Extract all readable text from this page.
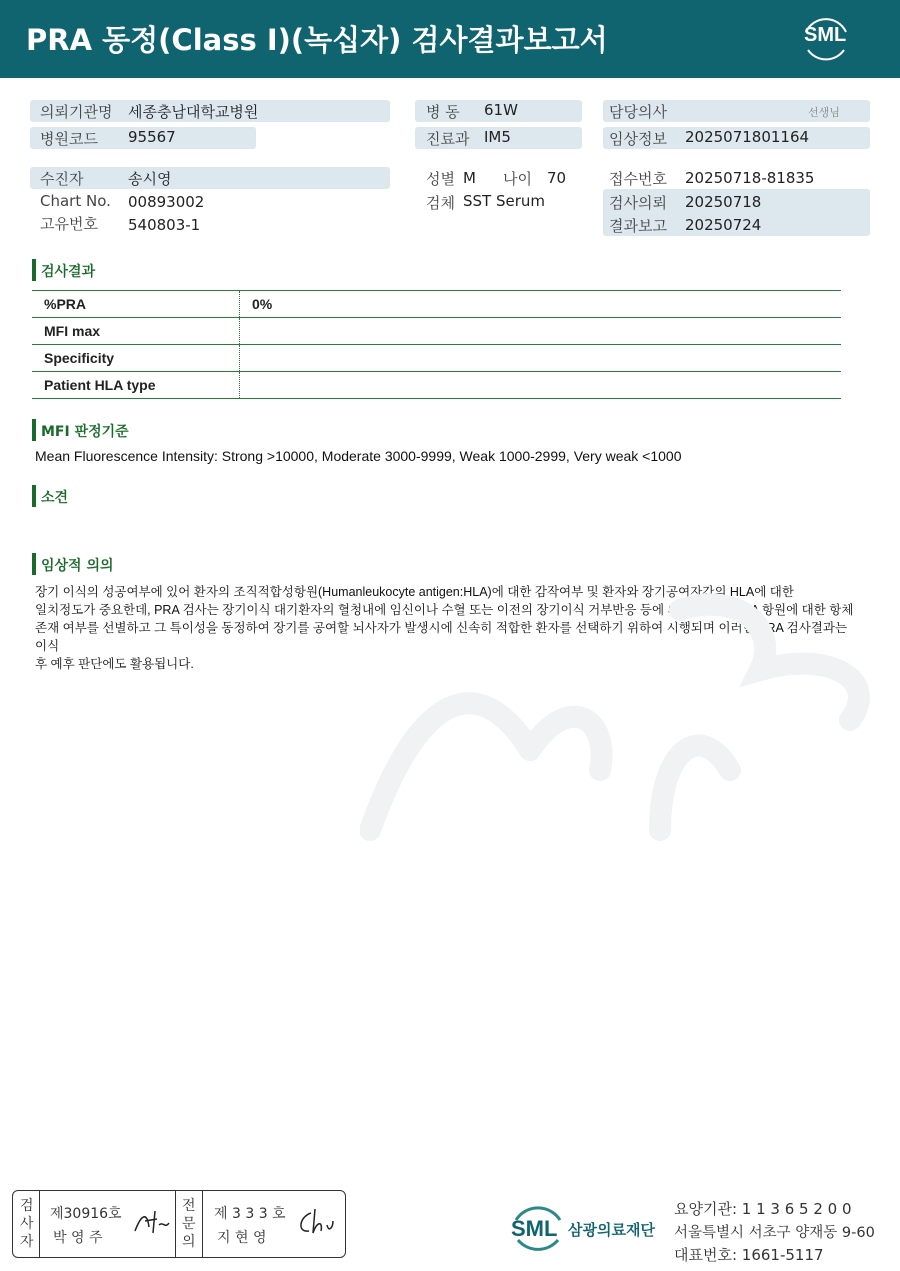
PRA 동정(Class I)(녹십자) 검사결과보고서	SML
의뢰기관명 세종충남대학교병원
병원코드 95567
병 동 61W
진료과 IM5
담당의사	선생님
임상정보 2025071801164
수진자	송시영
Chart No. 00893002
고유번호 540803-1
성별 M 나이 70
검체 SST Serum
접수번호 20250718-81835
검사의뢰 20250718
결과보고 20250724
검사결과
%PRA	0%
MFI max	
Specificity	
Patient HLA type	
MFI 판정기준
Mean Fluorescence Intensity: Strong >10000, Moderate 3000-9999, Weak 1000-2999, Very weak <1000
소견
임상적 의의
장기 이식의 성공여부에 있어 환자의 조직적합성항원(Humanleukocyte antigen:HLA)에 대한 감작여부 및 환자와 장기공여자간의 HLA에 대한
일치정도가 중요한데, PRA 검사는 장기이식 대기환자의 혈청내에 임신이나 수혈 또는 이전의 장기이식 거부반응 등에 의하여 생긴 HLA 항원에 대한 항체
존재 여부를 선별하고 그 특이성을 동정하여 장기를 공여할 뇌사자가 발생시에 신속히 적합한 환자를 선택하기 위하여 시행되며 이러한 PRA 검사결과는 이식
후 예후 판단에도 활용됩니다.
검
사
자
제30916호
박 영 주
전
문
의
제 3 3 3 호
지 현 영	SML 삼광의료재단
요양기관: 1 1 3 6 5 2 0 0
서울특별시 서초구 양재동 9-60
대표번호: 1661-5117
